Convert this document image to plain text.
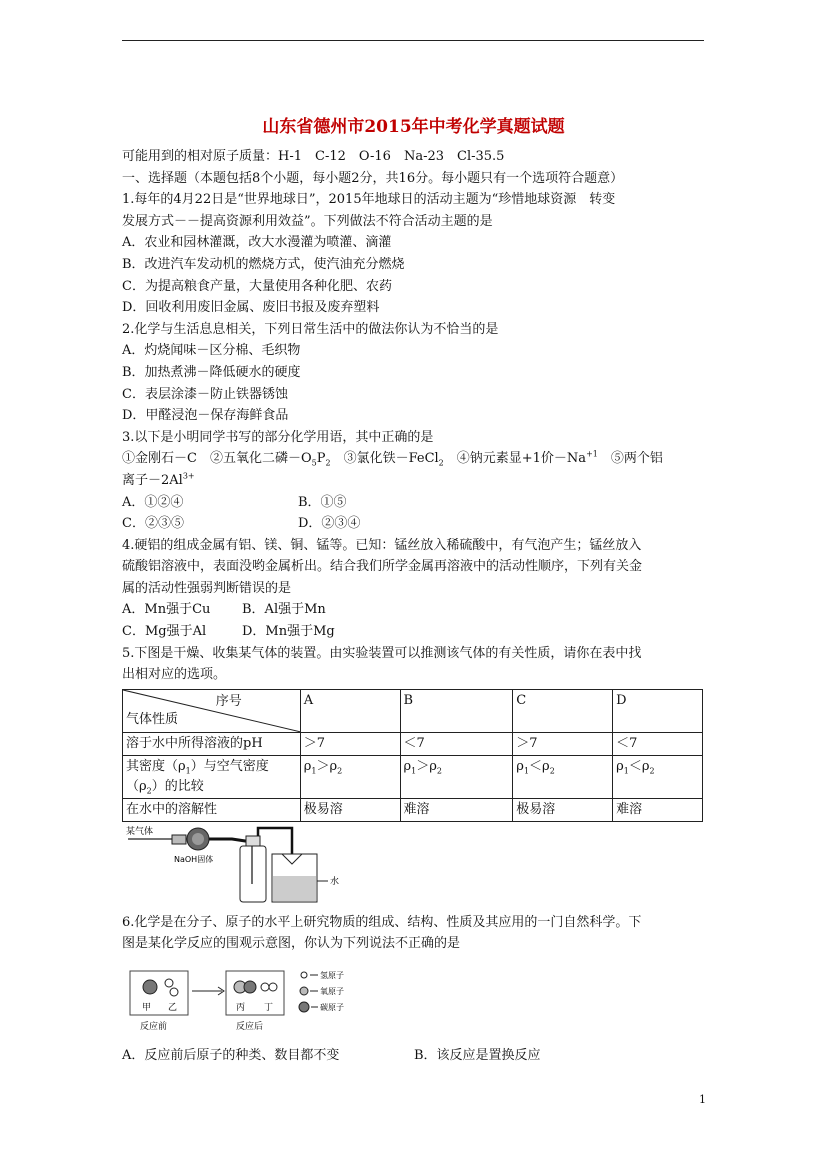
山东省德州市2015年中考化学真题试题
可能用到的相对原子质量：H-1　C-12　O-16　Na-23　Cl-35.5
一、选择题（本题包括8个小题，每小题2分，共16分。每小题只有一个选项符合题意）
1.每年的4月22日是“世界地球日”，2015年地球日的活动主题为“珍惜地球资源　转变
发展方式－－提高资源利用效益”。下列做法不符合活动主题的是
A．农业和园林灌溉，改大水漫灌为喷灌、滴灌
B．改进汽车发动机的燃烧方式，使汽油充分燃烧
C．为提高粮食产量，大量使用各种化肥、农药
D．回收利用废旧金属、废旧书报及废弃塑料
2.化学与生活息息相关，下列日常生活中的做法你认为不恰当的是
A．灼烧闻味－区分棉、毛织物
B．加热煮沸－降低硬水的硬度
C．表层涂漆－防止铁器锈蚀
D．甲醛浸泡－保存海鲜食品
3.以下是小明同学书写的部分化学用语，其中正确的是
①金刚石－C　②五氧化二磷$-O_5P_2$　③氯化铁－FeCl$_2$　④钠元素显+1价$-Na^{+1}$　⑤两个铝
离子$-2Al^{3+}$
A．①②④	B．①⑤
C．②③⑤	D．②③④
4.硬铝的组成金属有铝、镁、铜、锰等。已知：锰丝放入稀硫酸中，有气泡产生；锰丝放入
硫酸铝溶液中，表面没哟金属析出。结合我们所学金属再溶液中的活动性顺序，下列有关金
属的活动性强弱判断错误的是
A．Mn强于Cu	B．Al强于Mn
C．Mg强于Al	D．Mn强于Mg
5.下图是干燥、收集某气体的装置。由实验装置可以推测该气体的有关性质，请你在表中找
出相对应的选项。
序号
气体性质	A	B	C	D
溶于水中所得溶液的pH	＞7	＜7	＞7	＜7
其密度$(\rho_1)$与空气密度
$(\rho_2)$的比较	$\rho_1>\rho_2$	$\rho_1>\rho_2$	$\rho_1<\rho_2$	$\rho_1<\rho_2$
在水中的溶解性	极易溶	难溶	极易溶	难溶
某气体
NaOH固体
水
6.化学是在分子、原子的水平上研究物质的组成、结构、性质及其应用的一门自然科学。下
图是某化学反应的围观示意图，你认为下列说法不正确的是
甲 乙
反应前
丙 丁
反应后
氢原子
氧原子
碳原子
A．反应前后原子的种类、数目都不变	B．该反应是置换反应
1
